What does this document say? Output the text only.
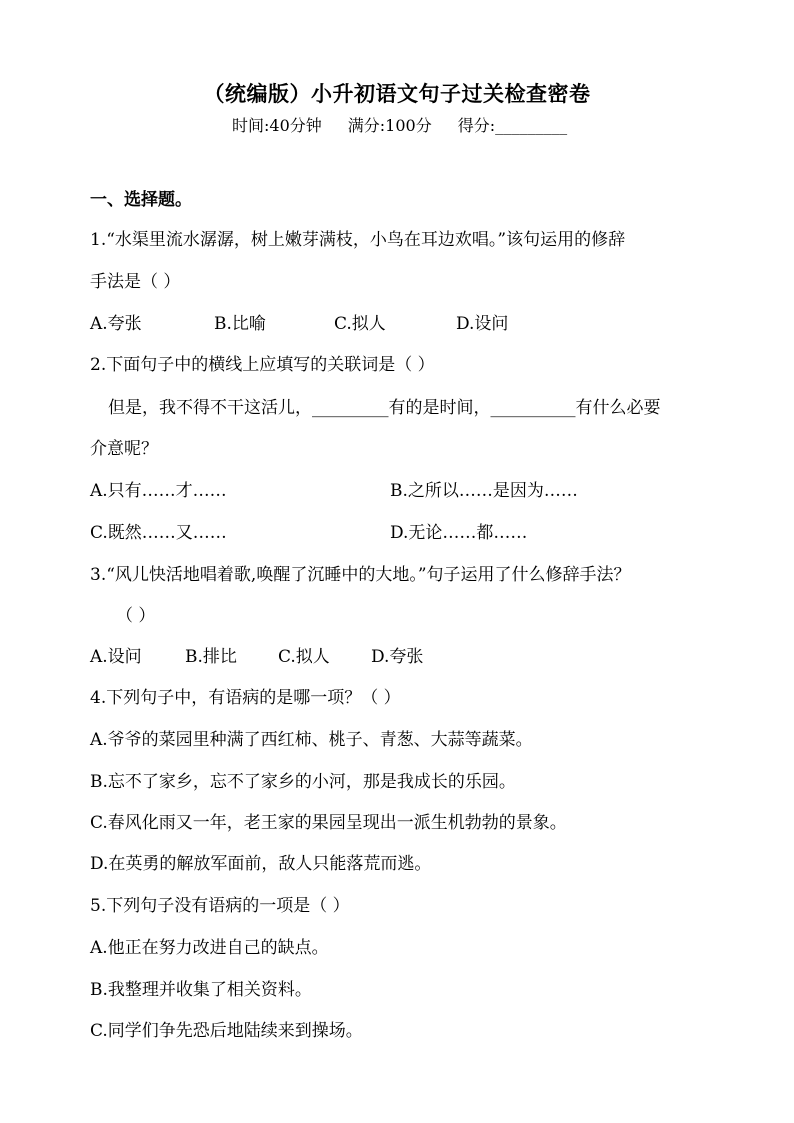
（统编版）小升初语文句子过关检查密卷
时间:40分钟 满分:100分 得分:_________
一、选择题。
1.“水渠里流水潺潺，树上嫩芽满枝，小鸟在耳边欢唱。”该句运用的修辞
手法是（ ）
A.夸张	B.比喻	C.拟人	D.设问
2.下面句子中的横线上应填写的关联词是（ ）
但是，我不得不干这活儿，_________有的是时间，__________有什么必要
介意呢？
A.只有……才……	B.之所以……是因为……
C.既然……又……	D.无论……都……
3.“风儿快活地唱着歌,唤醒了沉睡中的大地。”句子运用了什么修辞手法？
（ ）
A.设问	B.排比 C.拟人 D.夸张
4.下列句子中，有语病的是哪一项？（ ）
A.爷爷的菜园里种满了西红柿、桃子、青葱、大蒜等蔬菜。
B.忘不了家乡，忘不了家乡的小河，那是我成长的乐园。
C.春风化雨又一年，老王家的果园呈现出一派生机勃勃的景象。
D.在英勇的解放军面前，敌人只能落荒而逃。
5.下列句子没有语病的一项是（ ）
A.他正在努力改进自己的缺点。
B.我整理并收集了相关资料。
C.同学们争先恐后地陆续来到操场。
